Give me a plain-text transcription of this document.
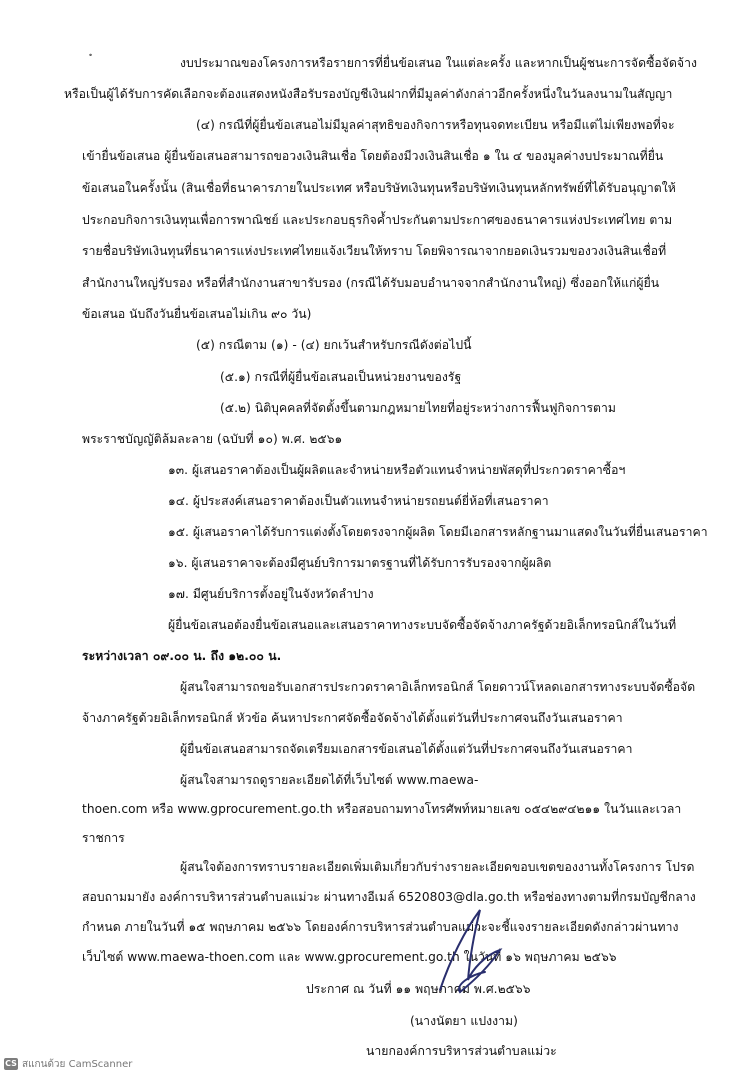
งบประมาณของโครงการหรือรายการที่ยื่นข้อเสนอ ในแต่ละครั้ง และหากเป็นผู้ชนะการจัดซื้อจัดจ้าง
หรือเป็นผู้ได้รับการคัดเลือกจะต้องแสดงหนังสือรับรองบัญชีเงินฝากที่มีมูลค่าดังกล่าวอีกครั้งหนึ่งในวันลงนามในสัญญา
(๔) กรณีที่ผู้ยื่นข้อเสนอไม่มีมูลค่าสุทธิของกิจการหรือทุนจดทะเบียน หรือมีแต่ไม่เพียงพอที่จะ
เข้ายื่นข้อเสนอ ผู้ยื่นข้อเสนอสามารถขอวงเงินสินเชื่อ โดยต้องมีวงเงินสินเชื่อ ๑ ใน ๔ ของมูลค่างบประมาณที่ยื่น
ข้อเสนอในครั้งนั้น (สินเชื่อที่ธนาคารภายในประเทศ หรือบริษัทเงินทุนหรือบริษัทเงินทุนหลักทรัพย์ที่ได้รับอนุญาตให้
ประกอบกิจการเงินทุนเพื่อการพาณิชย์ และประกอบธุรกิจค้ำประกันตามประกาศของธนาคารแห่งประเทศไทย ตาม
รายชื่อบริษัทเงินทุนที่ธนาคารแห่งประเทศไทยแจ้งเวียนให้ทราบ โดยพิจารณาจากยอดเงินรวมของวงเงินสินเชื่อที่
สำนักงานใหญ่รับรอง หรือที่สำนักงานสาขารับรอง (กรณีได้รับมอบอำนาจจากสำนักงานใหญ่) ซึ่งออกให้แก่ผู้ยื่น
ข้อเสนอ นับถึงวันยื่นข้อเสนอไม่เกิน ๙๐ วัน)
(๕) กรณีตาม (๑) - (๔) ยกเว้นสำหรับกรณีดังต่อไปนี้
(๕.๑) กรณีที่ผู้ยื่นข้อเสนอเป็นหน่วยงานของรัฐ
(๕.๒) นิติบุคคลที่จัดตั้งขึ้นตามกฎหมายไทยที่อยู่ระหว่างการฟื้นฟูกิจการตาม
พระราชบัญญัติล้มละลาย (ฉบับที่ ๑๐) พ.ศ. ๒๕๖๑
๑๓. ผู้เสนอราคาต้องเป็นผู้ผลิตและจำหน่ายหรือตัวแทนจำหน่ายพัสดุที่ประกวดราคาซื้อฯ
๑๔. ผู้ประสงค์เสนอราคาต้องเป็นตัวแทนจำหน่ายรถยนต์ยี่ห้อที่เสนอราคา
๑๕. ผู้เสนอราคาได้รับการแต่งตั้งโดยตรงจากผู้ผลิต โดยมีเอกสารหลักฐานมาแสดงในวันที่ยื่นเสนอราคา
๑๖. ผู้เสนอราคาจะต้องมีศูนย์บริการมาตรฐานที่ได้รับการรับรองจากผู้ผลิต
๑๗. มีศูนย์บริการตั้งอยู่ในจังหวัดลำปาง
ผู้ยื่นข้อเสนอต้องยื่นข้อเสนอและเสนอราคาทางระบบจัดซื้อจัดจ้างภาครัฐด้วยอิเล็กทรอนิกส์ในวันที่
ระหว่างเวลา ๐๙.๐๐ น. ถึง ๑๒.๐๐ น.
ผู้สนใจสามารถขอรับเอกสารประกวดราคาอิเล็กทรอนิกส์ โดยดาวน์โหลดเอกสารทางระบบจัดซื้อจัด
จ้างภาครัฐด้วยอิเล็กทรอนิกส์ หัวข้อ ค้นหาประกาศจัดซื้อจัดจ้างได้ตั้งแต่วันที่ประกาศจนถึงวันเสนอราคา
ผู้ยื่นข้อเสนอสามารถจัดเตรียมเอกสารข้อเสนอได้ตั้งแต่วันที่ประกาศจนถึงวันเสนอราคา
ผู้สนใจสามารถดูรายละเอียดได้ที่เว็บไซต์ www.maewa-
thoen.com หรือ www.gprocurement.go.th หรือสอบถามทางโทรศัพท์หมายเลข ๐๕๔๒๙๔๒๑๑ ในวันและเวลา
ราชการ
ผู้สนใจต้องการทราบรายละเอียดเพิ่มเติมเกี่ยวกับร่างรายละเอียดขอบเขตของงานทั้งโครงการ โปรด
สอบถามมายัง องค์การบริหารส่วนตำบลแม่วะ ผ่านทางอีเมล์ 6520803@dla.go.th หรือช่องทางตามที่กรมบัญชีกลาง
กำหนด ภายในวันที่ ๑๕ พฤษภาคม ๒๕๖๖ โดยองค์การบริหารส่วนตำบลแม่วะจะชี้แจงรายละเอียดดังกล่าวผ่านทาง
เว็บไซต์ www.maewa-thoen.com และ www.gprocurement.go.th ในวันที่ ๑๖ พฤษภาคม ๒๕๖๖
ประกาศ ณ วันที่ ๑๑ พฤษภาคม พ.ศ.๒๕๖๖
(นางนัตยา แปงงาม)
นายกองค์การบริหารส่วนตำบลแม่วะ
CS สแกนด้วย CamScanner
